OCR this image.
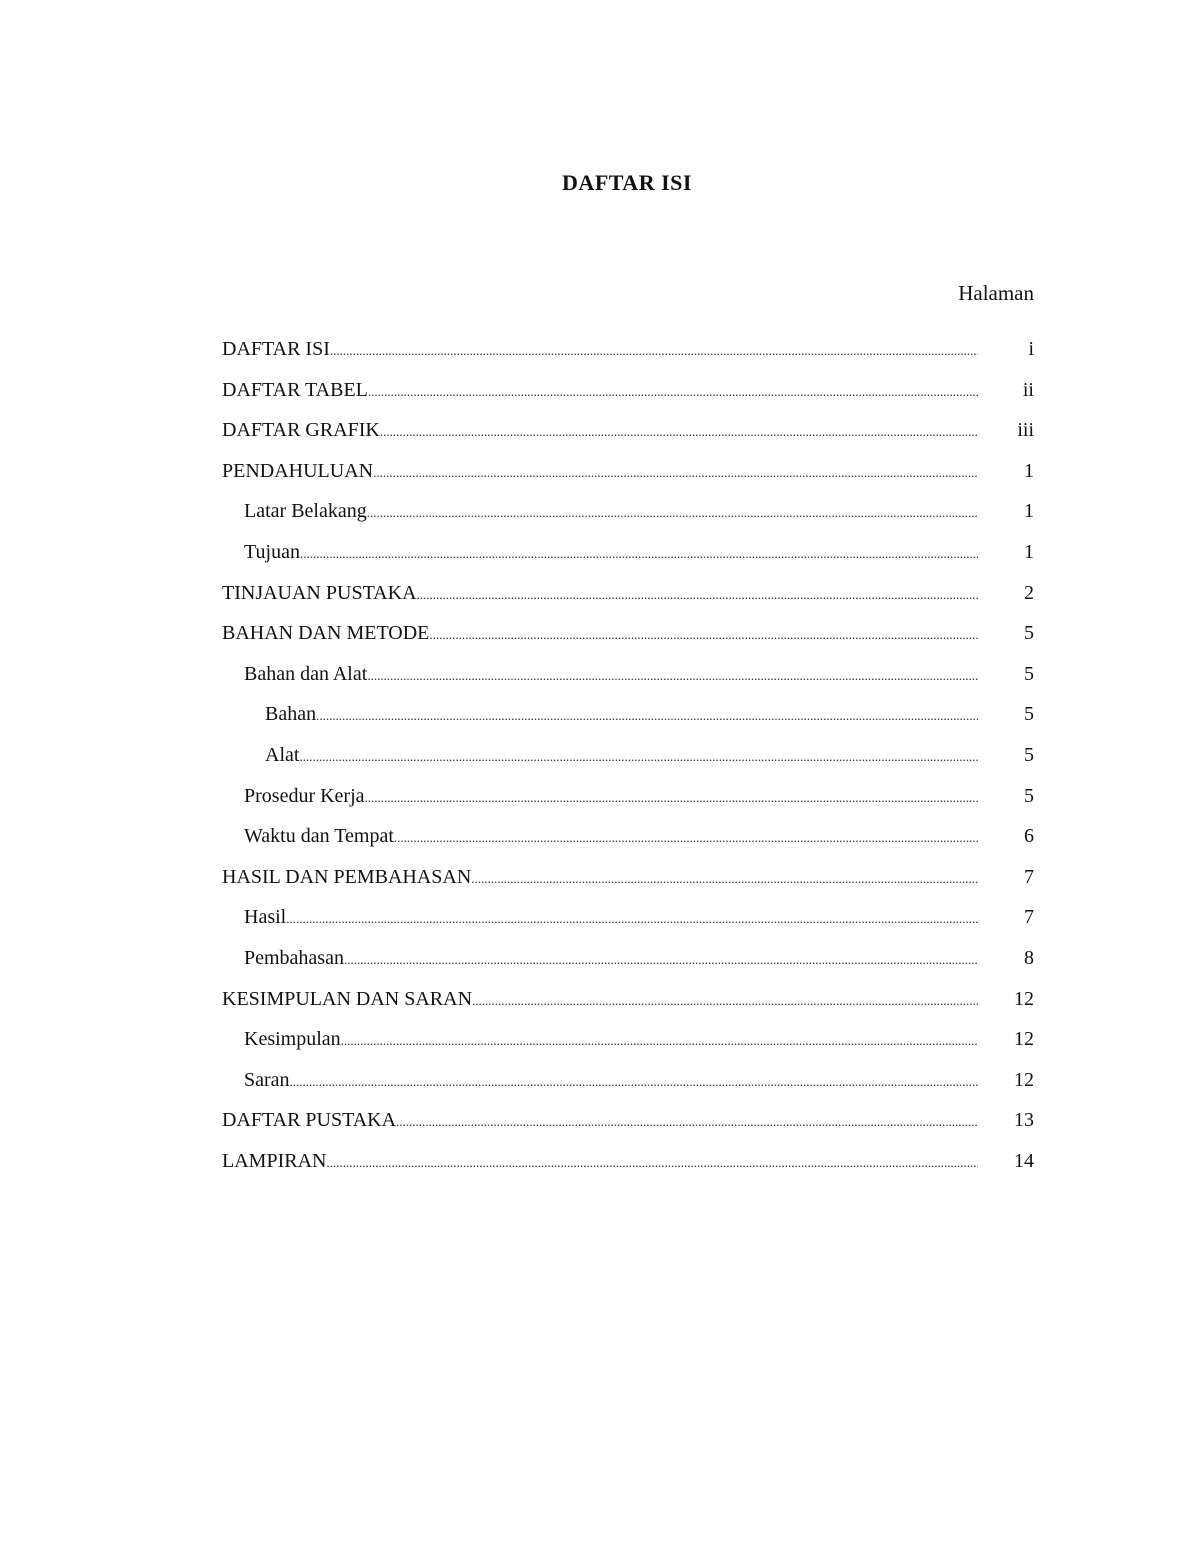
DAFTAR ISI

Halaman

DAFTAR ISI .....	i
DAFTAR TABEL .....	ii
DAFTAR GRAFIK .....	iii
PENDAHULUAN .....	1
Latar Belakang .....	1
Tujuan .....	1
TINJAUAN PUSTAKA .....	2
BAHAN DAN METODE .....	5
Bahan dan Alat .....	5
Bahan .....	5
Alat .....	5
Prosedur Kerja .....	5
Waktu dan Tempat .....	6
HASIL DAN PEMBAHASAN .....	7
Hasil .....	7
Pembahasan .....	8
KESIMPULAN DAN SARAN .....	12
Kesimpulan .....	12
Saran .....	12
DAFTAR PUSTAKA .....	13
LAMPIRAN .....	14
